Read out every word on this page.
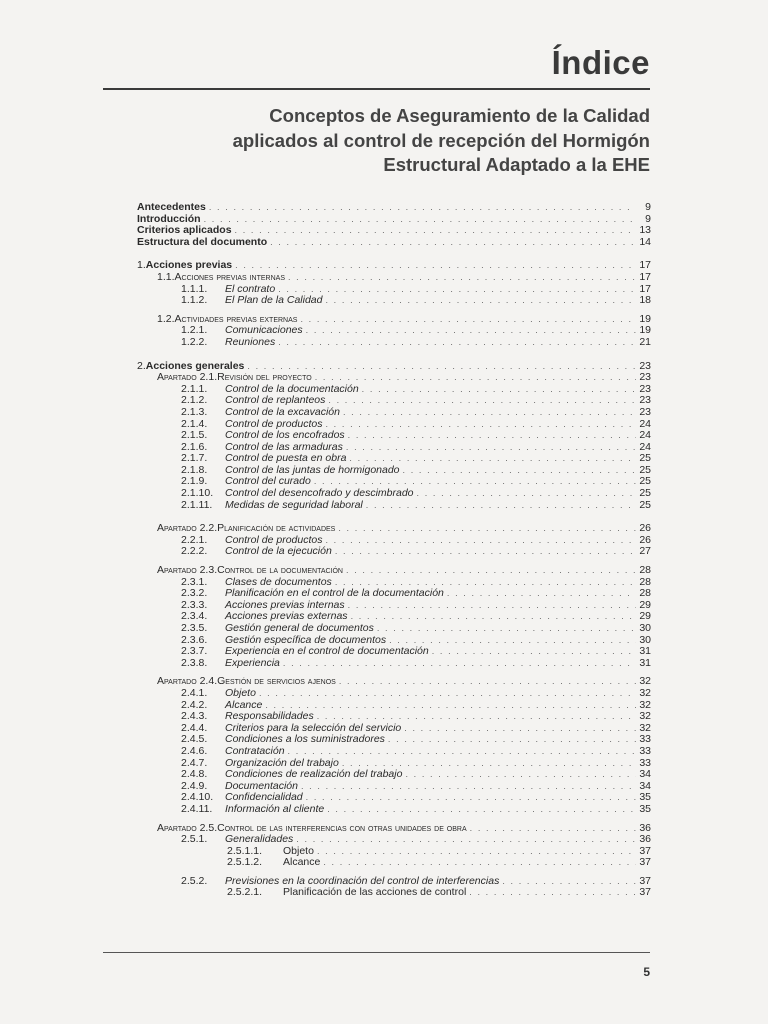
Índice
Conceptos de Aseguramiento de la Calidad
aplicados al control de recepción del Hormigón
Estructural Adaptado a la EHE
Antecedentes . . .	9
Introducción . . .	9
Criterios aplicados . . .	13
Estructura del documento . . .	14
1. Acciones previas . . .	17
1.1. Acciones previas internas . . .	17
1.1.1.	El contrato . . .	17
1.1.2.	El Plan de la Calidad . . .	18
1.2. Actividades previas externas . . .	19
1.2.1.	Comunicaciones . . .	19
1.2.2.	Reuniones . . .	21
2. Acciones generales . . .	23
Apartado 2.1. Revisión del proyecto . . .	23
2.1.1.	Control de la documentación . . .	23
2.1.2.	Control de replanteos . . .	23
2.1.3.	Control de la excavación . . .	23
2.1.4.	Control de productos . . .	24
2.1.5.	Control de los encofrados . . .	24
2.1.6.	Control de las armaduras . . .	24
2.1.7.	Control de puesta en obra . . .	25
2.1.8.	Control de las juntas de hormigonado . . .	25
2.1.9.	Control del curado . . .	25
2.1.10.	Control del desencofrado y descimbrado . . .	25
2.1.11.	Medidas de seguridad laboral . . .	25
Apartado 2.2. Planificación de actividades . . .	26
2.2.1.	Control de productos . . .	26
2.2.2.	Control de la ejecución . . .	27
Apartado 2.3. Control de la documentación . . .	28
2.3.1.	Clases de documentos . . .	28
2.3.2.	Planificación en el control de la documentación . . .	28
2.3.3.	Acciones previas internas . . .	29
2.3.4.	Acciones previas externas . . .	29
2.3.5.	Gestión general de documentos . . .	30
2.3.6.	Gestión específica de documentos . . .	30
2.3.7.	Experiencia en el control de documentación . . .	31
2.3.8.	Experiencia . . .	31
Apartado 2.4. Gestión de servicios ajenos . . .	32
2.4.1.	Objeto . . .	32
2.4.2.	Alcance . . .	32
2.4.3.	Responsabilidades . . .	32
2.4.4.	Criterios para la selección del servicio . . .	32
2.4.5.	Condiciones a los suministradores . . .	33
2.4.6.	Contratación . . .	33
2.4.7.	Organización del trabajo . . .	33
2.4.8.	Condiciones de realización del trabajo . . .	34
2.4.9.	Documentación . . .	34
2.4.10.	Confidencialidad . . .	35
2.4.11.	Información al cliente . . .	35
Apartado 2.5. Control de las interferencias con otras unidades de obra . . .	36
2.5.1.	Generalidades . . .	36
2.5.1.1.	Objeto . . .	37
2.5.1.2.	Alcance . . .	37
2.5.2.	Previsiones en la coordinación del control de interferencias . . .	37
2.5.2.1.	Planificación de las acciones de control . . .	37
5
